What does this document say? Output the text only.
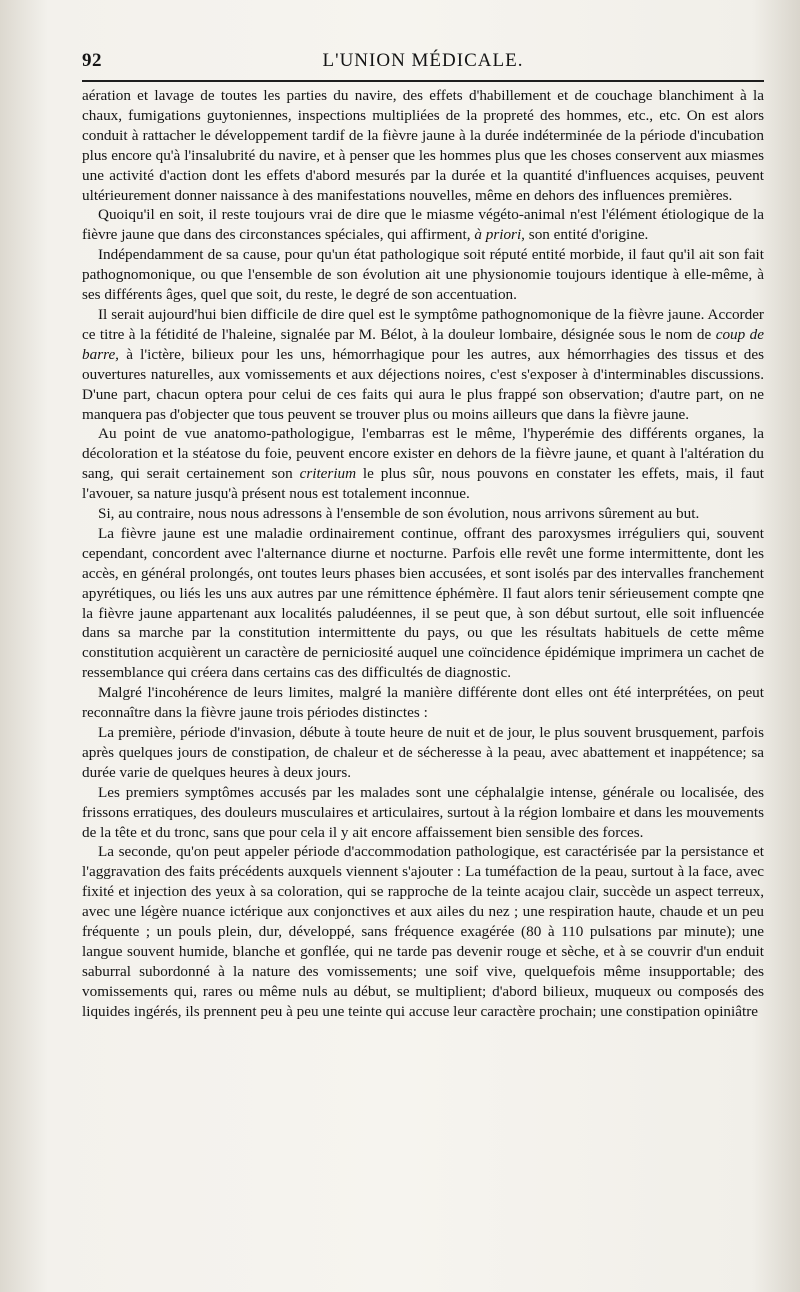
92	L'UNION MÉDICALE.

aération et lavage de toutes les parties du navire, des effets d'habillement et de couchage blanchiment à la chaux, fumigations guytoniennes, inspections multipliées de la propreté des hommes, etc., etc. On est alors conduit à rattacher le développement tardif de la fièvre jaune à la durée indéterminée de la période d'incubation plus encore qu'à l'insalubrité du navire, et à penser que les hommes plus que les choses conservent aux miasmes une activité d'action dont les effets d'abord mesurés par la durée et la quantité d'influences acquises, peuvent ultérieurement donner naissance à des manifestations nouvelles, même en dehors des influences premières.

Quoiqu'il en soit, il reste toujours vrai de dire que le miasme végéto-animal n'est l'élément étiologique de la fièvre jaune que dans des circonstances spéciales, qui affirment, à priori, son entité d'origine.

Indépendamment de sa cause, pour qu'un état pathologique soit réputé entité morbide, il faut qu'il ait son fait pathognomonique, ou que l'ensemble de son évolution ait une physionomie toujours identique à elle-même, à ses différents âges, quel que soit, du reste, le degré de son accentuation.

Il serait aujourd'hui bien difficile de dire quel est le symptôme pathognomonique de la fièvre jaune. Accorder ce titre à la fétidité de l'haleine, signalée par M. Bélot, à la douleur lombaire, désignée sous le nom de coup de barre, à l'ictère, bilieux pour les uns, hémorrhagique pour les autres, aux hémorrhagies des tissus et des ouvertures naturelles, aux vomissements et aux déjections noires, c'est s'exposer à d'interminables discussions. D'une part, chacun optera pour celui de ces faits qui aura le plus frappé son observation; d'autre part, on ne manquera pas d'objecter que tous peuvent se trouver plus ou moins ailleurs que dans la fièvre jaune.

Au point de vue anatomo-pathologigue, l'embarras est le même, l'hyperémie des différents organes, la décoloration et la stéatose du foie, peuvent encore exister en dehors de la fièvre jaune, et quant à l'altération du sang, qui serait certainement son criterium le plus sûr, nous pouvons en constater les effets, mais, il faut l'avouer, sa nature jusqu'à présent nous est totalement inconnue.

Si, au contraire, nous nous adressons à l'ensemble de son évolution, nous arrivons sûrement au but.

La fièvre jaune est une maladie ordinairement continue, offrant des paroxysmes irréguliers qui, souvent cependant, concordent avec l'alternance diurne et nocturne. Parfois elle revêt une forme intermittente, dont les accès, en général prolongés, ont toutes leurs phases bien accusées, et sont isolés par des intervalles franchement apyrétiques, ou liés les uns aux autres par une rémittence éphémère. Il faut alors tenir sérieusement compte qne la fièvre jaune appartenant aux localités paludéennes, il se peut que, à son début surtout, elle soit influencée dans sa marche par la constitution intermittente du pays, ou que les résultats habituels de cette même constitution acquièrent un caractère de perniciosité auquel une coïncidence épidémique imprimera un cachet de ressemblance qui créera dans certains cas des difficultés de diagnostic.

Malgré l'incohérence de leurs limites, malgré la manière différente dont elles ont été interprétées, on peut reconnaître dans la fièvre jaune trois périodes distinctes :

La première, période d'invasion, débute à toute heure de nuit et de jour, le plus souvent brusquement, parfois après quelques jours de constipation, de chaleur et de sécheresse à la peau, avec abattement et inappétence; sa durée varie de quelques heures à deux jours.

Les premiers symptômes accusés par les malades sont une céphalalgie intense, générale ou localisée, des frissons erratiques, des douleurs musculaires et articulaires, surtout à la région lombaire et dans les mouvements de la tête et du tronc, sans que pour cela il y ait encore affaissement bien sensible des forces.

La seconde, qu'on peut appeler période d'accommodation pathologique, est caractérisée par la persistance et l'aggravation des faits précédents auxquels viennent s'ajouter : La tuméfaction de la peau, surtout à la face, avec fixité et injection des yeux à sa coloration, qui se rapproche de la teinte acajou clair, succède un aspect terreux, avec une légère nuance ictérique aux conjonctives et aux ailes du nez ; une respiration haute, chaude et un peu fréquente ; un pouls plein, dur, développé, sans fréquence exagérée (80 à 110 pulsations par minute); une langue souvent humide, blanche et gonflée, qui ne tarde pas devenir rouge et sèche, et à se couvrir d'un enduit saburral subordonné à la nature des vomissements; une soif vive, quelquefois même insupportable; des vomissements qui, rares ou même nuls au début, se multiplient; d'abord bilieux, muqueux ou composés des liquides ingérés, ils prennent peu à peu une teinte qui accuse leur caractère prochain; une constipation opiniâtre
